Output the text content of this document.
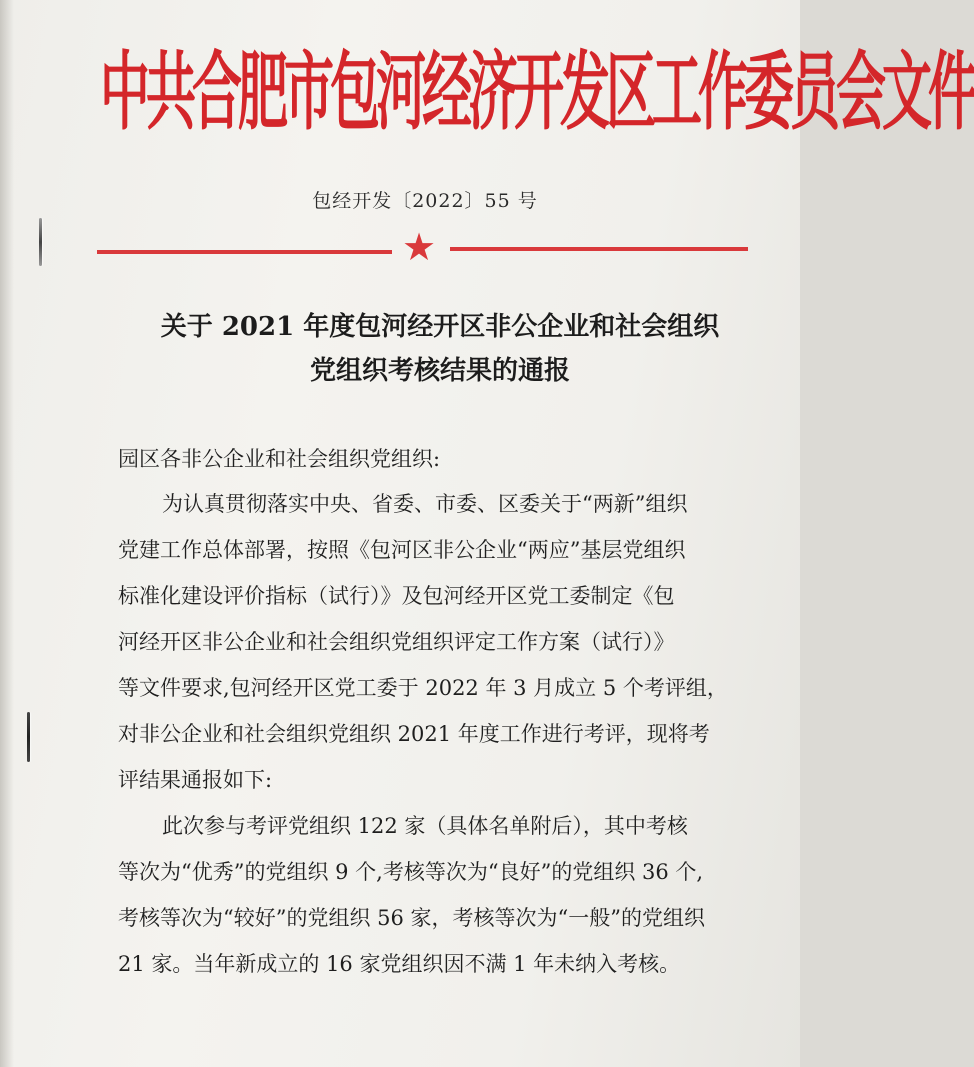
中共合肥市包河经济开发区工作委员会文件
包经开发〔2022〕55 号
★
关于 2021 年度包河经开区非公企业和社会组织
党组织考核结果的通报
园区各非公企业和社会组织党组织:
为认真贯彻落实中央、省委、市委、区委关于“两新”组织
党建工作总体部署，按照《包河区非公企业“两应”基层党组织
标准化建设评价指标（试行）》及包河经开区党工委制定《包
河经开区非公企业和社会组织党组织评定工作方案（试行）》
等文件要求,包河经开区党工委于 2022 年 3 月成立 5 个考评组，
对非公企业和社会组织党组织 2021 年度工作进行考评，现将考
评结果通报如下:
此次参与考评党组织 122 家（具体名单附后），其中考核
等次为“优秀”的党组织 9 个,考核等次为“良好”的党组织 36 个,
考核等次为“较好”的党组织 56 家，考核等次为“一般”的党组织
21 家。当年新成立的 16 家党组织因不满 1 年未纳入考核。
